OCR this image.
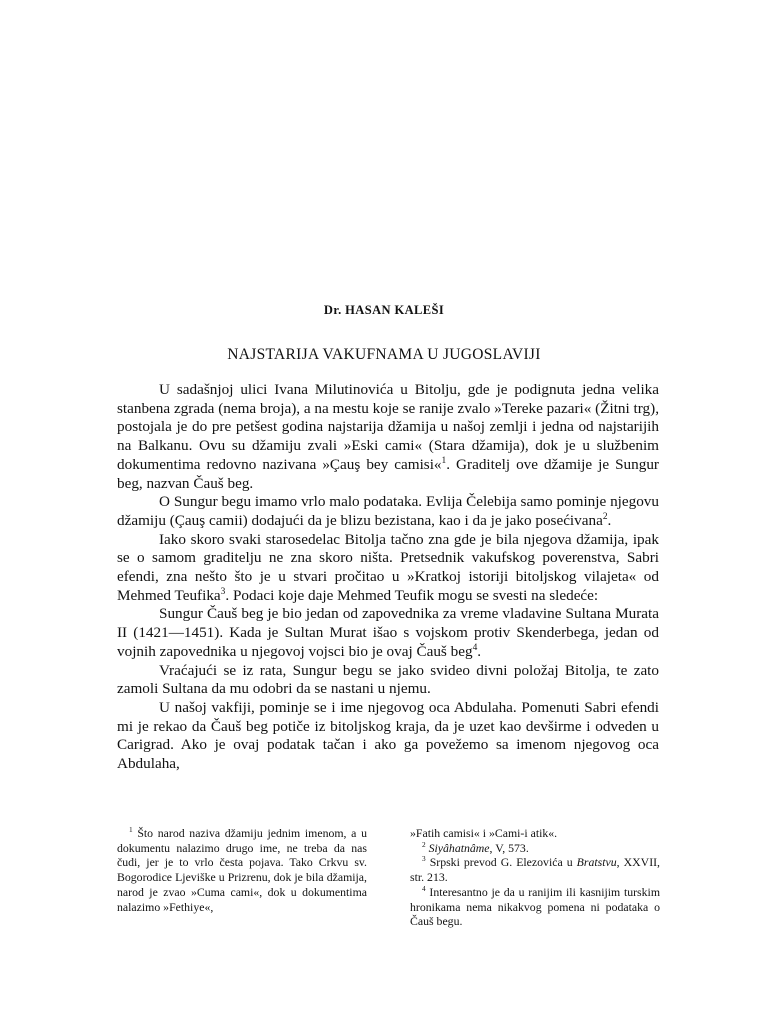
Dr. HASAN KALEŠI
NAJSTARIJA VAKUFNAMA U JUGOSLAVIJI

U sadašnjoj ulici Ivana Milutinovića u Bitolju, gde je podignuta jedna velika stanbena zgrada (nema broja), a na mestu koje se ranije zvalo »Tereke pazari« (Žitni trg), postojala je do pre petšest godina najstarija džamija u našoj zemlji i jedna od najstarijih na Balkanu. Ovu su džamiju zvali »Eski cami« (Stara džamija), dok je u službenim dokumentima redovno nazivana »Çauş bey camisi«$^1$. Graditelj ove džamije je Sungur beg, nazvan Čauš beg.

O Sungur begu imamo vrlo malo podataka. Evlija Čelebija samo pominje njegovu džamiju (Çauş camii) dodajući da je blizu bezistana, kao i da je jako posećivana$^2$.

Iako skoro svaki starosedelac Bitolja tačno zna gde je bila njegova džamija, ipak se o samom graditelju ne zna skoro ništa. Pretsednik vakufskog poverenstva, Sabri efendi, zna nešto što je u stvari pročitao u »Kratkoj istoriji bitoljskog vilajeta« od Mehmed Teufika$^3$. Podaci koje daje Mehmed Teufik mogu se svesti na sledeće:

Sungur Čauš beg je bio jedan od zapovednika za vreme vladavine Sultana Murata II (1421—1451). Kada je Sultan Murat išao s vojskom protiv Skenderbega, jedan od vojnih zapovednika u njegovoj vojsci bio je ovaj Čauš beg$^4$.

Vraćajući se iz rata, Sungur begu se jako svideo divni položaj Bitolja, te zato zamoli Sultana da mu odobri da se nastani u njemu.

U našoj vakfiji, pominje se i ime njegovog oca Abdulaha. Pomenuti Sabri efendi mi je rekao da Čauš beg potiče iz bitoljskog kraja, da je uzet kao devširme i odveden u Carigrad. Ako je ovaj podatak tačan i ako ga povežemo sa imenom njegovog oca Abdulaha,

$^1$ Što narod naziva džamiju jednim imenom, a u dokumentu nalazimo drugo ime, ne treba da nas čudi, jer je to vrlo česta pojava. Tako Crkvu sv. Bogorodice Ljeviške u Prizrenu, dok je bila džamija, narod je zvao »Cuma cami«, dok u dokumentima nalazimo »Fethiye«,

»Fatih camisi« i »Cami-i atik«.

$^2$ Siyâhatnâme, V, 573.

$^3$ Srpski prevod G. Elezovića u Bratstvu, XXVII, str. 213.

$^4$ Interesantno je da u ranijim ili kasnijim turskim hronikama nema nikakvog pomena ni podataka o Čauš begu.
